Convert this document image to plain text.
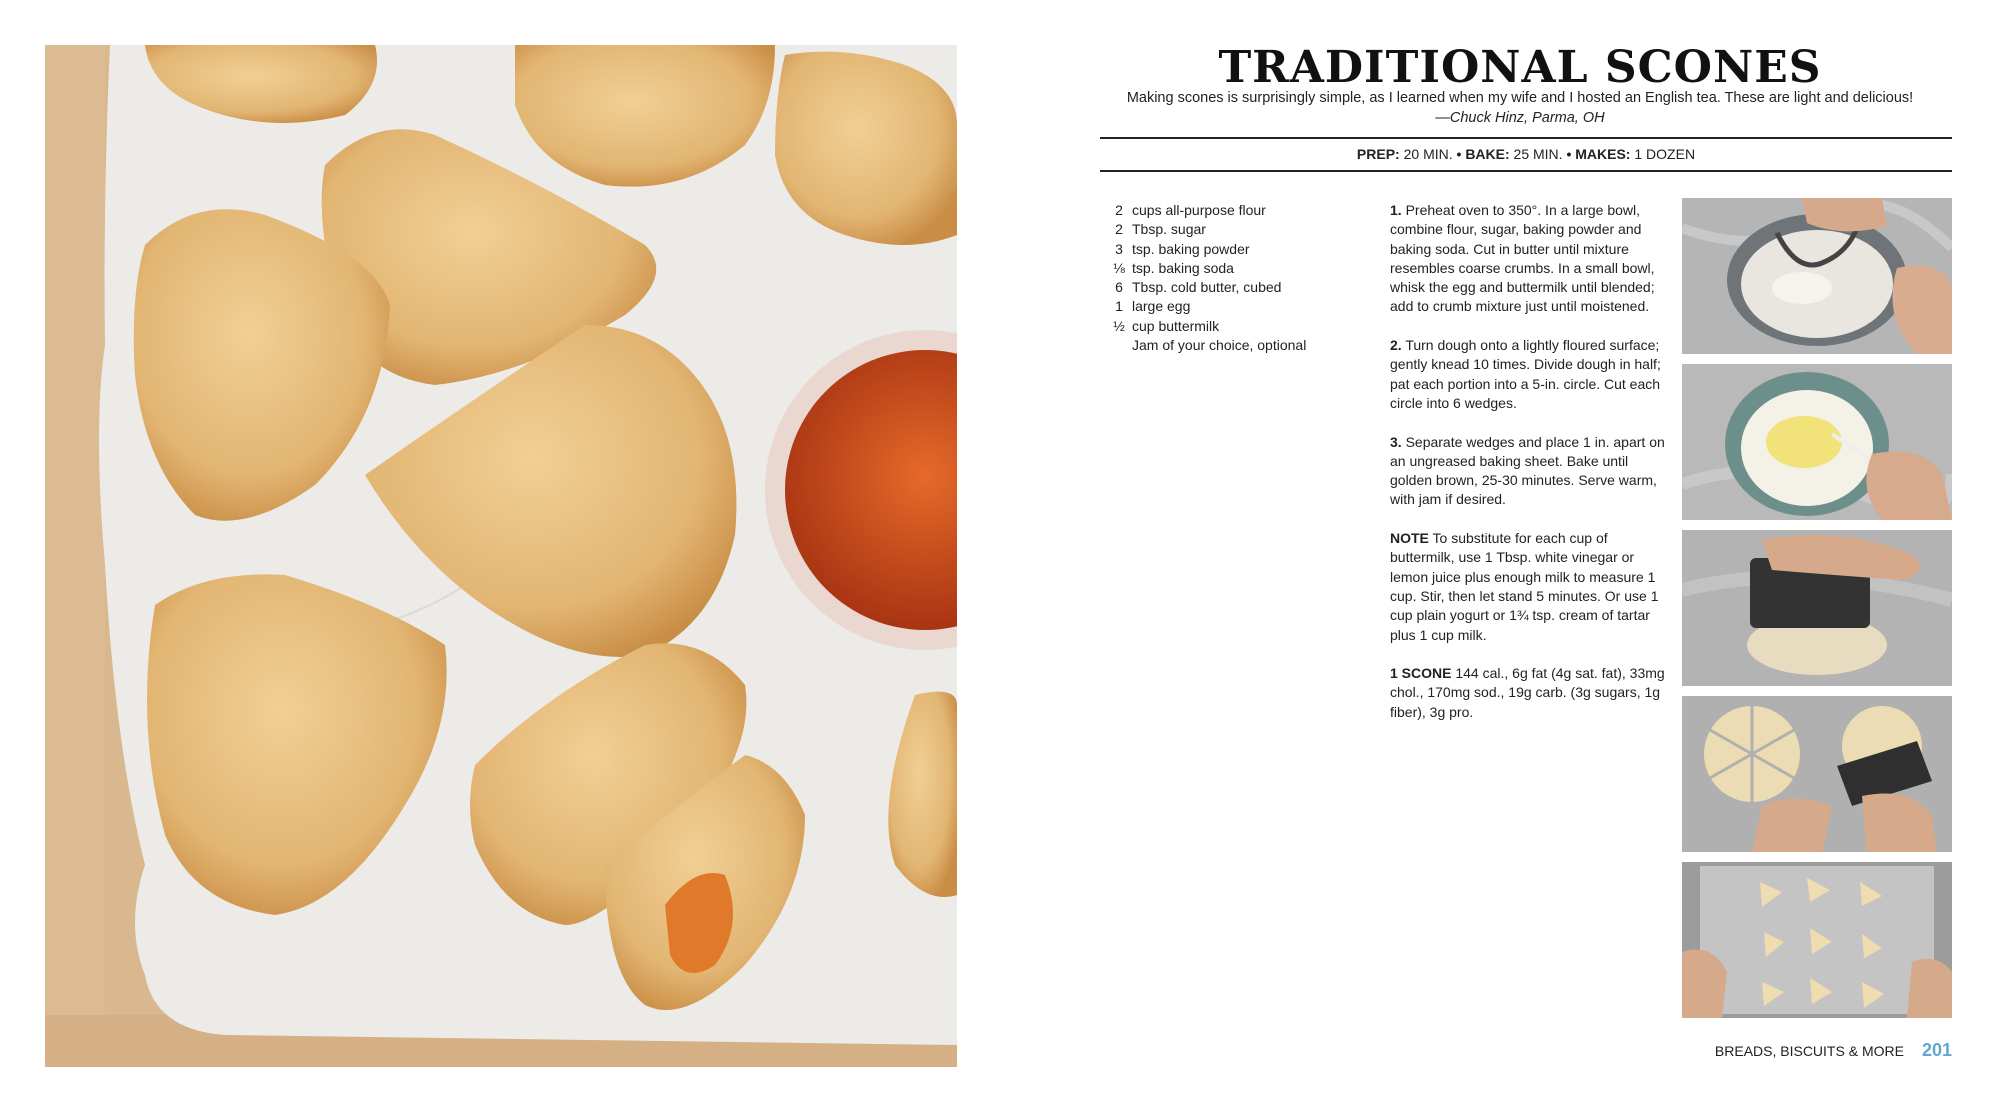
TRADITIONAL SCONES
Making scones is surprisingly simple, as I learned when my wife and I hosted an English tea. These are light and delicious!
—Chuck Hinz, Parma, OH
PREP: 20 MIN. • BAKE: 25 MIN. • MAKES: 1 DOZEN
2 cups all-purpose flour
2 Tbsp. sugar
3 tsp. baking powder
⅛ tsp. baking soda
6 Tbsp. cold butter, cubed
1 large egg
½ cup buttermilk
Jam of your choice, optional

1. Preheat oven to 350°. In a large bowl, combine flour, sugar, baking powder and baking soda. Cut in butter until mixture resembles coarse crumbs. In a small bowl, whisk the egg and buttermilk until blended; add to crumb mixture just until moistened.

2. Turn dough onto a lightly floured surface; gently knead 10 times. Divide dough in half; pat each portion into a 5-in. circle. Cut each circle into 6 wedges.

3. Separate wedges and place 1 in. apart on an ungreased baking sheet. Bake until golden brown, 25-30 minutes. Serve warm, with jam if desired.

NOTE To substitute for each cup of buttermilk, use 1 Tbsp. white vinegar or lemon juice plus enough milk to measure 1 cup. Stir, then let stand 5 minutes. Or use 1 cup plain yogurt or 1¾ tsp. cream of tartar plus 1 cup milk.

1 SCONE 144 cal., 6g fat (4g sat. fat), 33mg chol., 170mg sod., 19g carb. (3g sugars, 1g fiber), 3g pro.

BREADS, BISCUITS & MORE 201
